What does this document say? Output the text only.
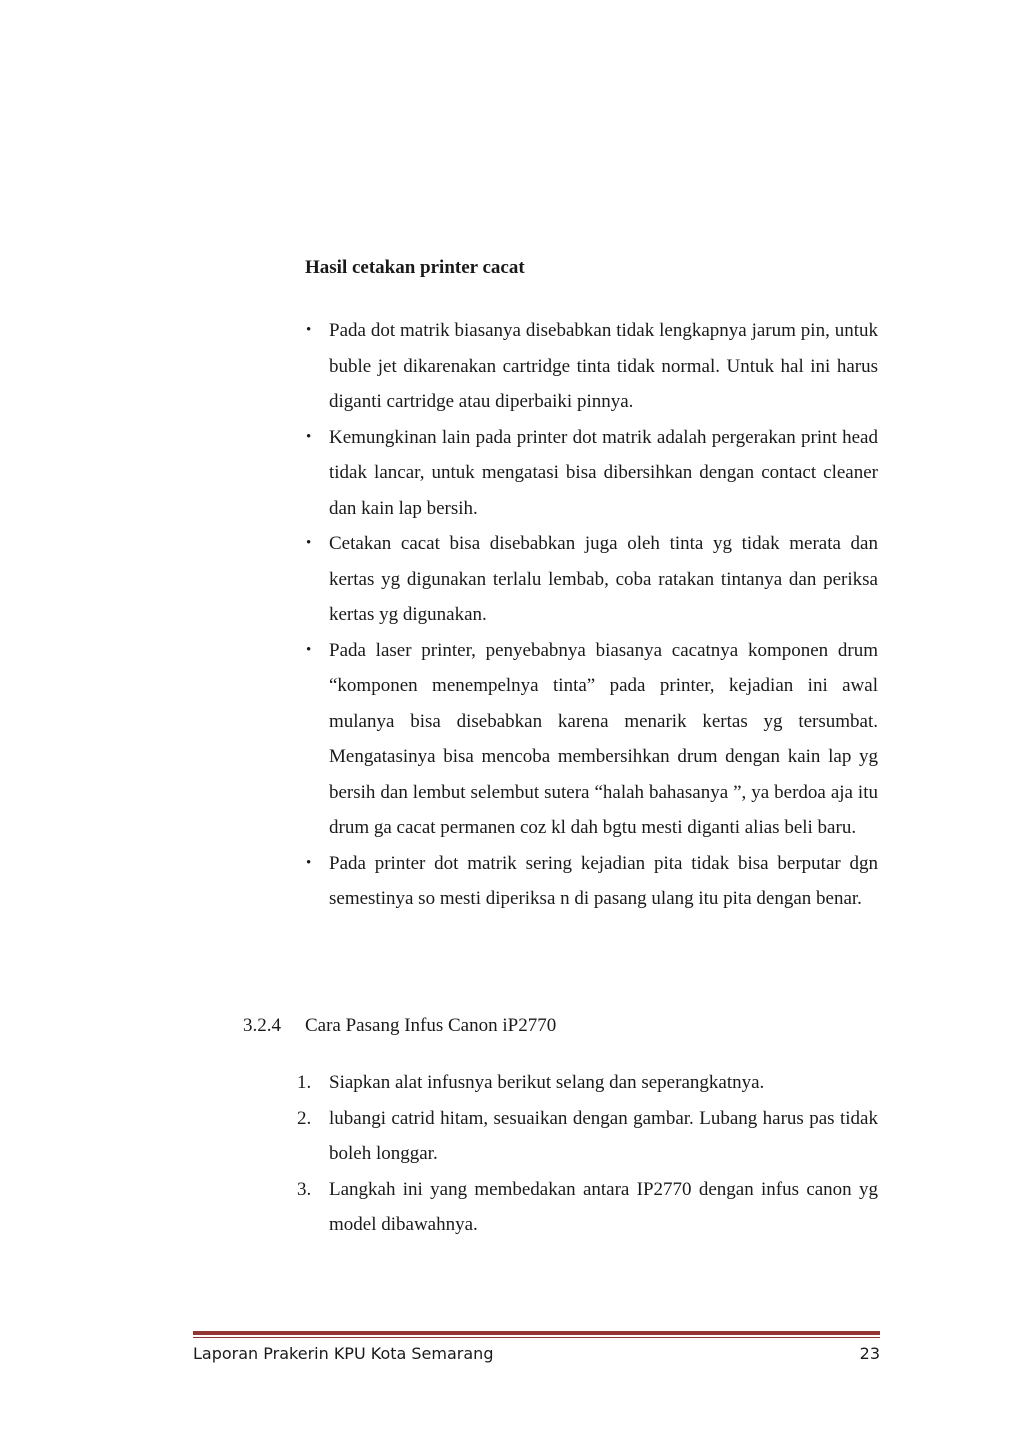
Hasil cetakan printer cacat

• Pada dot matrik biasanya disebabkan tidak lengkapnya jarum pin, untuk buble jet dikarenakan cartridge tinta tidak normal. Untuk hal ini harus diganti cartridge atau diperbaiki pinnya.
• Kemungkinan lain pada printer dot matrik adalah pergerakan print head tidak lancar, untuk mengatasi bisa dibersihkan dengan contact cleaner dan kain lap bersih.
• Cetakan cacat bisa disebabkan juga oleh tinta yg tidak merata dan kertas yg digunakan terlalu lembab, coba ratakan tintanya dan periksa kertas yg digunakan.
• Pada laser printer, penyebabnya biasanya cacatnya komponen drum “komponen menempelnya tinta” pada printer, kejadian ini awal mulanya bisa disebabkan karena menarik kertas yg tersumbat. Mengatasinya bisa mencoba membersihkan drum dengan kain lap yg bersih dan lembut selembut sutera “halah bahasanya ”, ya berdoa aja itu drum ga cacat permanen coz kl dah bgtu mesti diganti alias beli baru.
• Pada printer dot matrik sering kejadian pita tidak bisa berputar dgn semestinya so mesti diperiksa n di pasang ulang itu pita dengan benar.
3.2.4	Cara Pasang Infus Canon iP2770
1. Siapkan alat infusnya berikut selang dan seperangkatnya.
2. lubangi catrid hitam, sesuaikan dengan gambar. Lubang harus pas tidak boleh longgar.
3. Langkah ini yang membedakan antara IP2770 dengan infus canon yg model dibawahnya.
Laporan Prakerin KPU Kota Semarang	23
